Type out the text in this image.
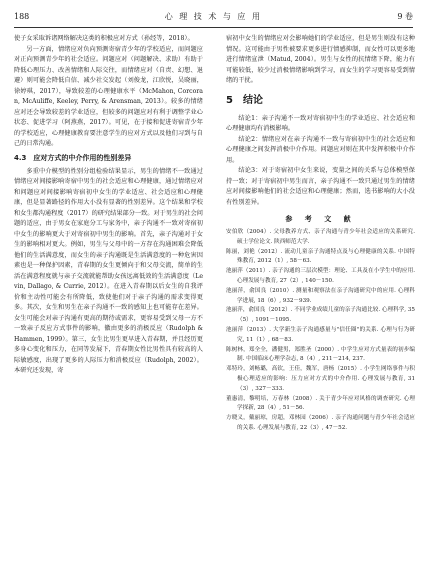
188	心 理 技 术 与 应 用	9 卷

使子女采取诉诸网络解决这类的积极应对方式（孙经等，2018）。

另一方面，情绪应对负向预测寄宿青少年的学校适应，而问题应对正向预测青少年的社会适应。问题应对（问题解决、求助）有助于降低心理压力、改善情绪和人际交往，而情绪应对（自责、幻想、退避）则可能会降低自信、减少社交发起（刘俊龙，江欣悦，吴晓丽，徐婷琪，2017），导致较差的心理健康水平（McMahon, Corcoran, McAuliffe, Keeley, Perry, & Arensman, 2013）。较多的情绪应对还会导致较差的学业适应，但较多的问题应对有利于调整学业心状态、促进学习（阿燕燕，2017）。可见，在于接和促进寄宿青少年的学校适应，心理健康教育要注意学生的应对方式以及他们习到与自己的日常沟通。

4.3　应对方式的中介作用的性别差异

多重中介模型的性别分组检验结果显示，男生的情绪不一致通过情绪应对间接影响寄宿中男生的社会适应和心理健康，通过情绪应对和问题应对间接影响寄宿初中女生的学业适应、社会适应和心理健康，但是显著路径的作用大小没有显著的性别差异。这个结果和学校和女生都沟通程度（2017）的研究结果部分一致。对于男生的社会问题的适应，由于男女在家庭分工与家务中，亲子沟通不一致对寄宿初中女生的影响更大于对寄宿初中男生的影响。首先，亲子沟通对于女生的影响相对更大。例如，男生与父母中的一方存在沟通困难会降低他们的生活满意度，而女生的亲子沟通既是生活满意度的一种危害因素也是一种保护因素，青春期的女生更倾向于和父母交流，简单的生活在满意程度就与亲子交流就能帮助女孩远离低效的生活满意度（Levin, Dallago, & Currie, 2012）。在进入青春期以后女生的自我评价和主动性可能会有所降低，致使他们对于亲子沟通的需求变得更多。其次，女生和男生在亲子沟通不一致的感知上也可能存在差异。女生可能会对亲子沟通有更高的期待或需求，更容易受到父母一方不一致亲子反应方式事件的影响，徽由更多的消极反应（Rudolph & Hammen, 1999）。第三，女生比男生更早进入青春期，并且经历更多身心变化和压力，在同等发展下，青春期女性比男性具有较高的人际敏感度，出现了更多的人际压力和消极反应（Rudolph, 2002）。本研究还发现，寄

宿初中女生的情绪应对会影响她们的学业适应，但是男生则没有这种情况。这可能由于男性被要求更多进行情感抑制，而女性可以更多地进行情绪宣泄（Matud, 2004）。男生与女性的抗情绪下降，能力有可能较低，较少过消极情绪影响到学习，而女生的学习更容易受到情绪的干扰。

5　结论

结论1：亲子沟通不一致对寄宿初中生的学业适应、社会适应和心理健康均有消极影响。

结论2：情绪应对在亲子沟通不一致与寄宿初中生的社会适应和心理健康之间发挥消极中介作用。问题应对则在其中发挥积极中介作用。

结论3：对于寄宿初中女生来说，变量之间的关系与总体模型保持一致；对于寄宿初中男生而言，亲子沟通不一致只通过男生的情绪应对间接影响他们的社会适应和心理健康；然而，选书影响的大小没有性别差异。

参 考 文 献

安伯欣（2004）. 父母教养方式、亲子沟通与青少年社会适应的关系研究. 硕士学位论文. 陕西师范大学.

陈丽，刘艳（2012）. 流动儿童亲子沟通特点及与心理健康的关系. 中国特殊教育, 2012（1）, 58－63.

池丽萍（2011）. 亲子沟通的三层次模型：理论、工具及在小学生中的应用. 心理发展与教育, 27（2）, 140－150.

池丽萍，俞国良（2010）. 测量和观察法在亲子沟通研究中的应用. 心理科学进展, 18（6）, 932－939.

池丽萍，俞国良（2012）. 不同学业成绩儿童的亲子沟通比较. 心理科学, 35（5）, 1091－1095.

池丽萍（2013）. 大学新生亲子沟通感量与"信任圈"的关系. 心理与行为研究, 11（1）, 68－83.

陈树林，郑全全，潘健男，郑胜圣（2000）. 中学生应对方式量表的初步编制. 中国临床心理学杂志, 8（4）, 211－214, 237.

邓特玲，刘畅璐，高钦，王佳，魏军，唐杨（2015）. 小学生网络事件与积极心理适应的影响：压力应对方式的中介作用. 心理发展与教育, 31（3）, 327－333.

董惠清，黎明培，万春林（2008）. 关于青少年应对风格的调查研究. 心理学探新, 28（4）, 51－56.

方晓义，戴丽琼，房超，邓林园（2006）. 亲子沟通问题与青少年社会适应的关系. 心理发展与教育, 22（3）, 47－52.
